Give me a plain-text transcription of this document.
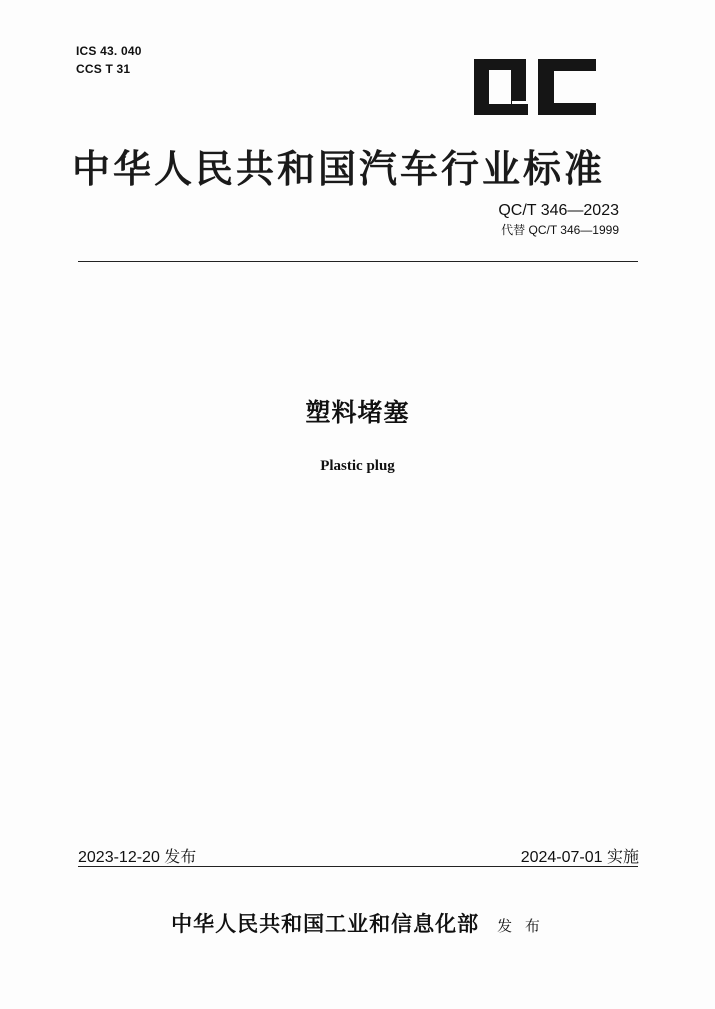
ICS 43. 040
CCS T 31
QC
中华人民共和国汽车行业标准
QC/T 346—2023
代替 QC/T 346—1999
塑料堵塞
Plastic plug
2023-12-20 发布	2024-07-01 实施
中华人民共和国工业和信息化部 发 布
